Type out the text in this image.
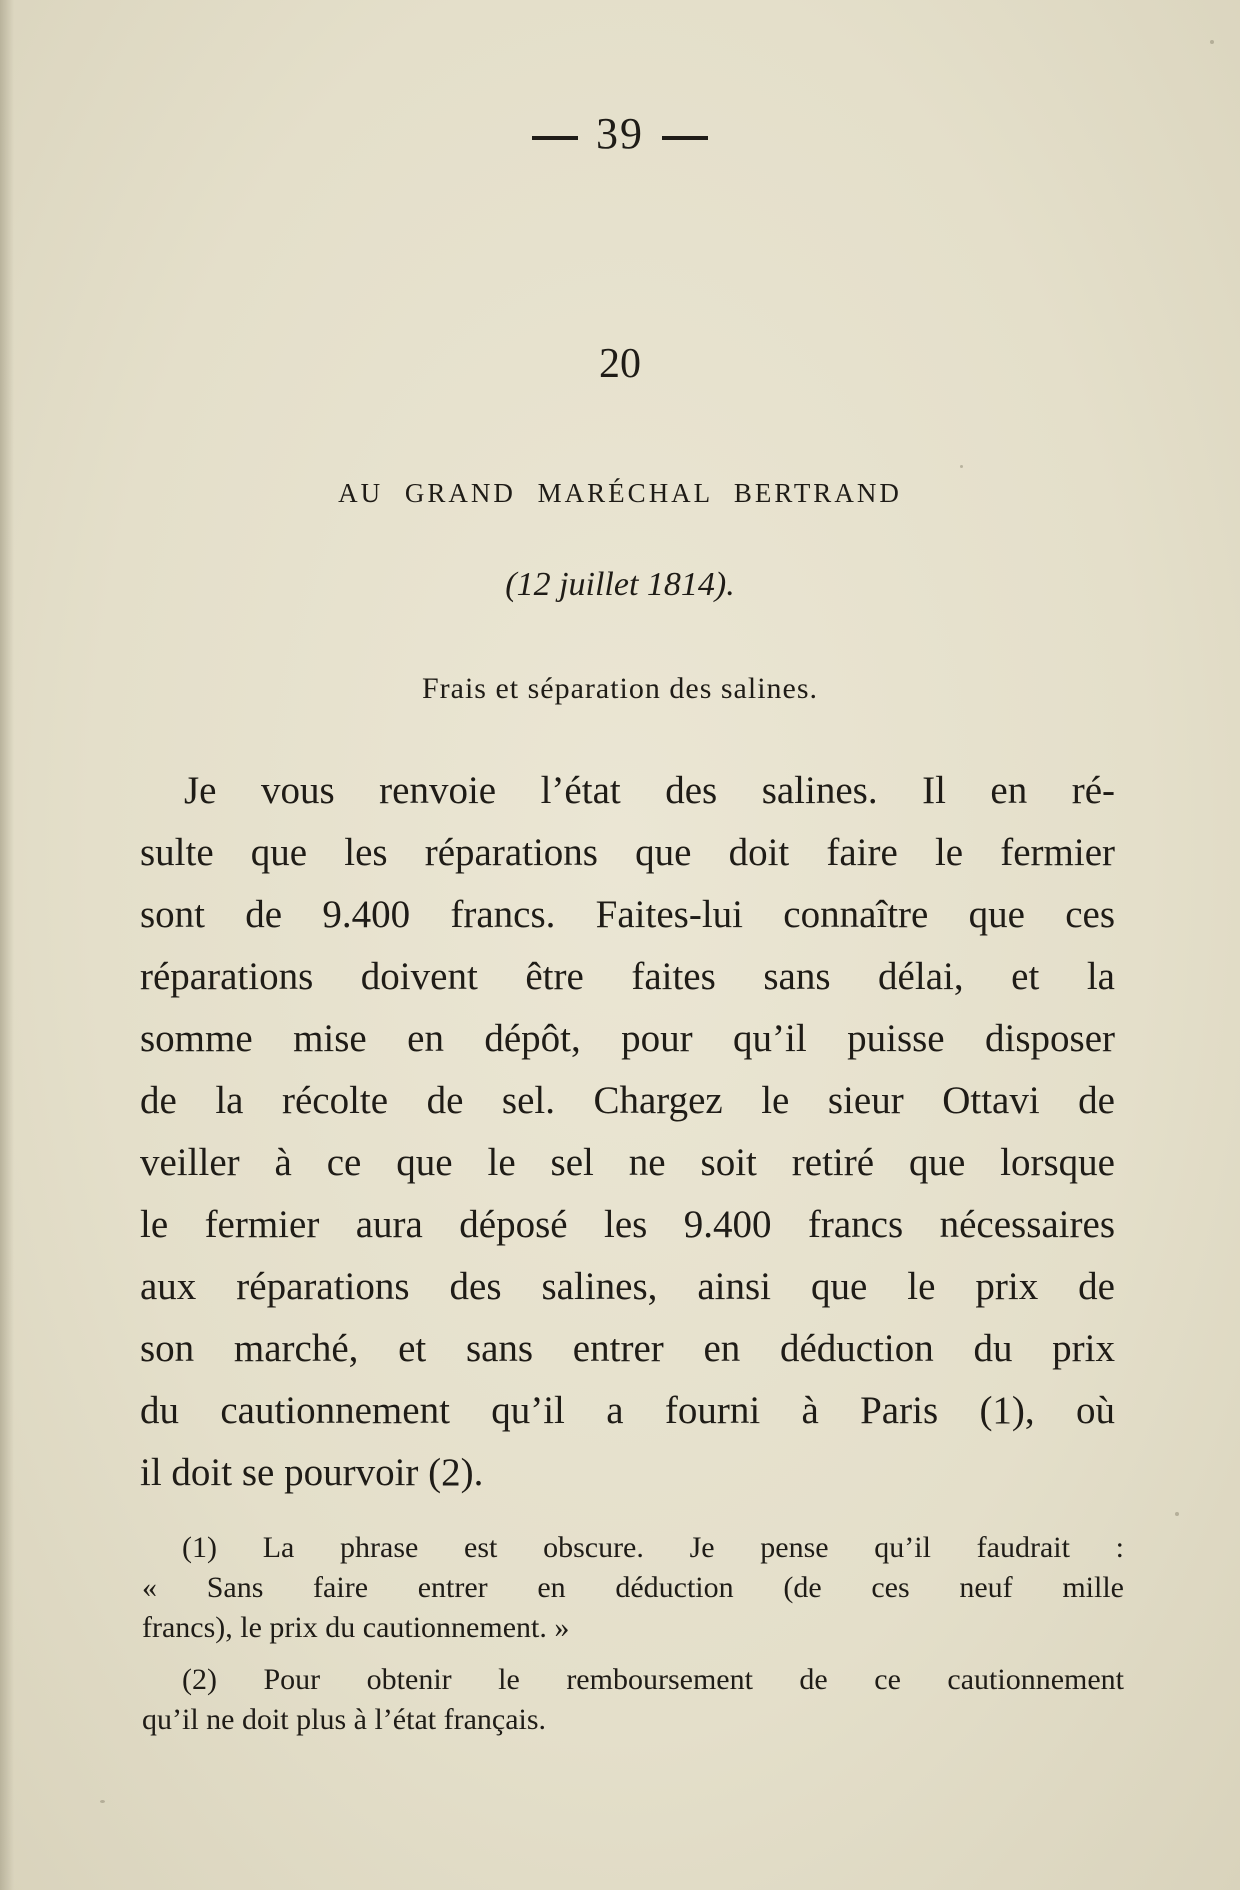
39
20
AU GRAND MARÉCHAL BERTRAND
(12 juillet 1814).
Frais et séparation des salines.
Je vous renvoie l’état des salines. Il en ré-
sulte que les réparations que doit faire le fermier
sont de 9.400 francs. Faites-lui connaître que ces
réparations doivent être faites sans délai, et la
somme mise en dépôt, pour qu’il puisse disposer
de la récolte de sel. Chargez le sieur Ottavi de
veiller à ce que le sel ne soit retiré que lorsque
le fermier aura déposé les 9.400 francs nécessaires
aux réparations des salines, ainsi que le prix de
son marché, et sans entrer en déduction du prix
du cautionnement qu’il a fourni à Paris (1), où
il doit se pourvoir (2).
(1) La phrase est obscure. Je pense qu’il faudrait :
« Sans faire entrer en déduction (de ces neuf mille
francs), le prix du cautionnement. »
(2) Pour obtenir le remboursement de ce cautionnement
qu’il ne doit plus à l’état français.
